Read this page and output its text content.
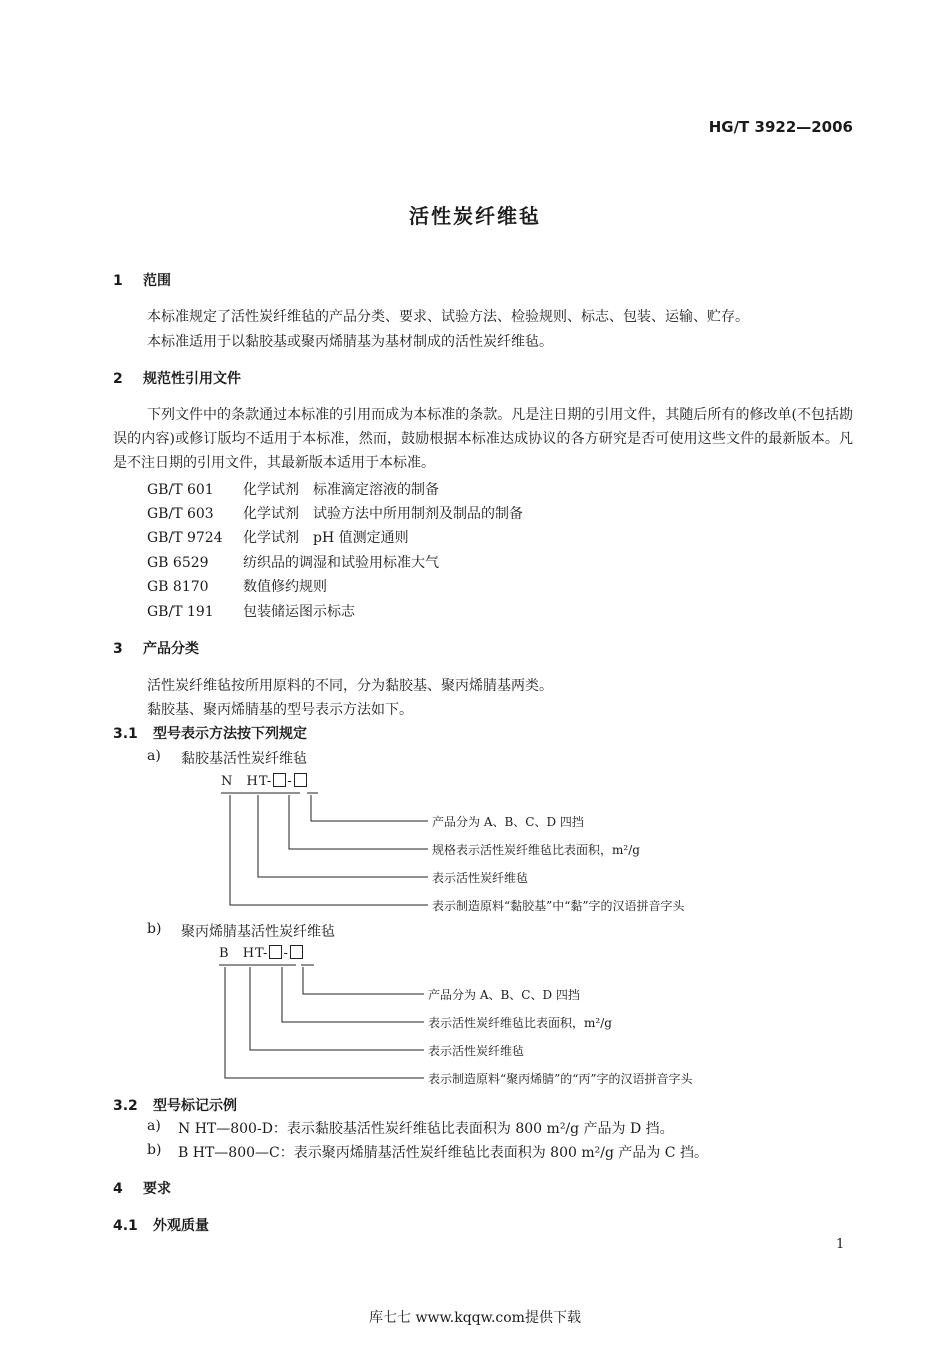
HG/T 3922—2006
活性炭纤维毡
1 范围
本标准规定了活性炭纤维毡的产品分类、要求、试验方法、检验规则、标志、包装、运输、贮存。
本标准适用于以黏胶基或聚丙烯腈基为基材制成的活性炭纤维毡。
2 规范性引用文件
下列文件中的条款通过本标准的引用而成为本标准的条款。凡是注日期的引用文件，其随后所有的修改单(不包括勘误的内容)或修订版均不适用于本标准，然而，鼓励根据本标准达成协议的各方研究是否可使用这些文件的最新版本。凡是不注日期的引用文件，其最新版本适用于本标准。
GB/T 601 化学试剂　标准滴定溶液的制备
GB/T 603 化学试剂　试验方法中所用制剂及制品的制备
GB/T 9724 化学试剂　pH 值测定通则
GB 6529 纺织品的调湿和试验用标准大气
GB 8170 数值修约规则
GB/T 191 包装储运图示标志
3 产品分类
活性炭纤维毡按所用原料的不同，分为黏胶基、聚丙烯腈基两类。
黏胶基、聚丙烯腈基的型号表示方法如下。
3.1 型号表示方法按下列规定
a) 黏胶基活性炭纤维毡
N HT- -
产品分为 A、B、C、D 四挡
规格表示活性炭纤维毡比表面积，m²/g
表示活性炭纤维毡
表示制造原料“黏胶基”中“黏”字的汉语拼音字头
b) 聚丙烯腈基活性炭纤维毡
B HT- -
产品分为 A、B、C、D 四挡
表示活性炭纤维毡比表面积，m²/g
表示活性炭纤维毡
表示制造原料“聚丙烯腈”的“丙”字的汉语拼音字头
3.2 型号标记示例
a) N HT—800-D：表示黏胶基活性炭纤维毡比表面积为 800 m²/g 产品为 D 挡。
b) B HT—800—C：表示聚丙烯腈基活性炭纤维毡比表面积为 800 m²/g 产品为 C 挡。
4 要求
4.1 外观质量
1
库七七 www.kqqw.com提供下载
